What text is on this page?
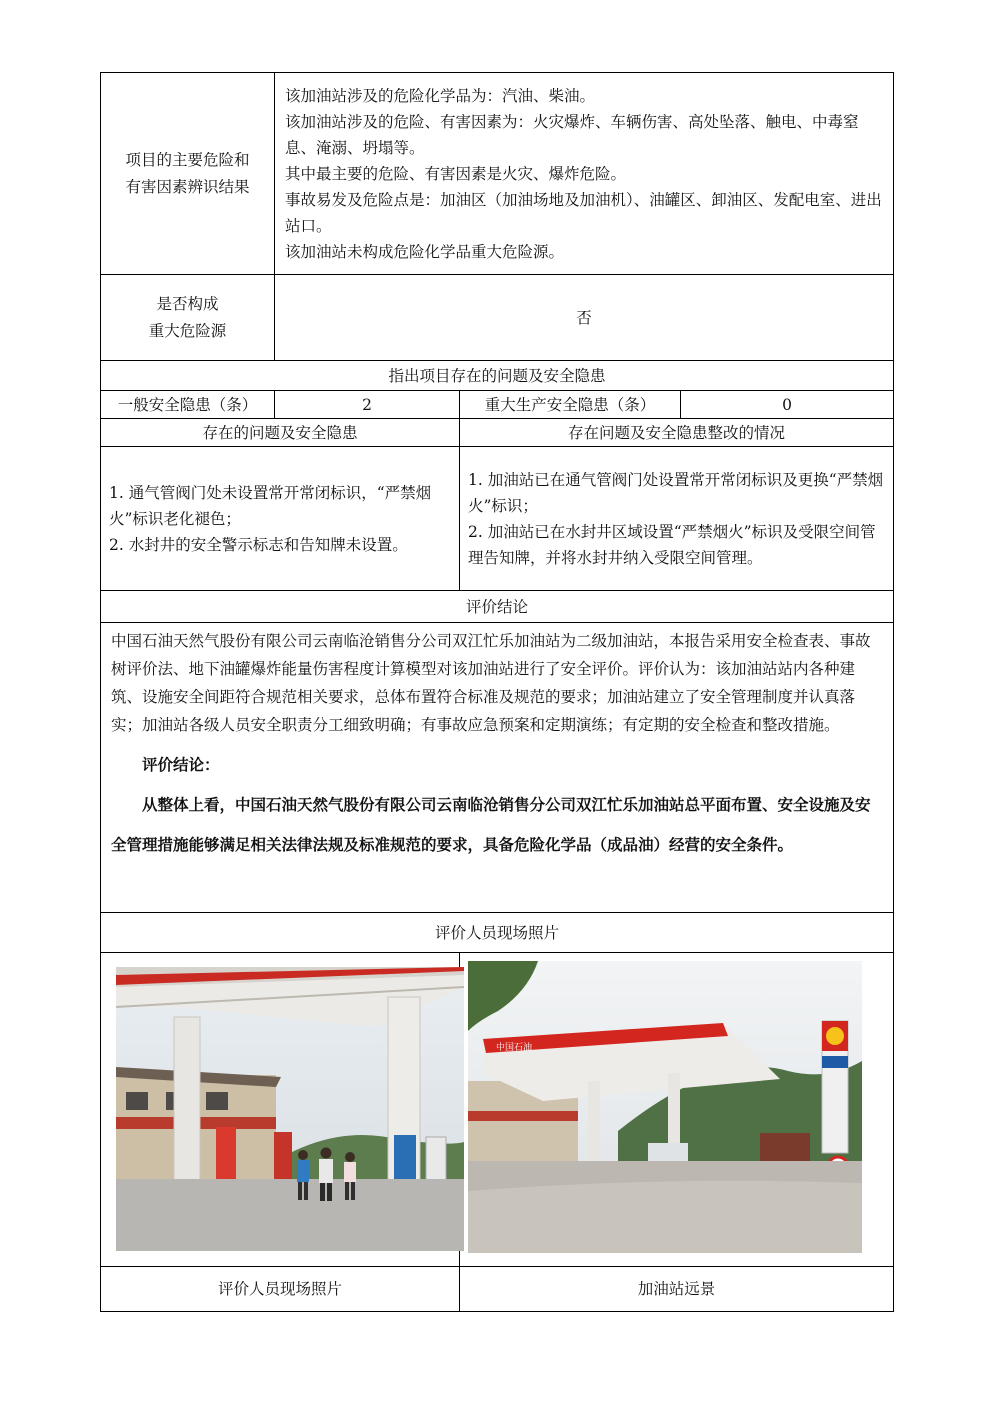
项目的主要危险和
有害因素辨识结果	该加油站涉及的危险化学品为：汽油、柴油。
该加油站涉及的危险、有害因素为：火灾爆炸、车辆伤害、高处坠落、触电、中毒窒息、淹溺、坍塌等。
其中最主要的危险、有害因素是火灾、爆炸危险。
事故易发及危险点是：加油区（加油场地及加油机）、油罐区、卸油区、发配电室、进出站口。
该加油站未构成危险化学品重大危险源。		

是否构成
重大危险源	否		
指出项目存在的问题及安全隐患			
一般安全隐患（条）	2	重大生产安全隐患（条）	0
存在的问题及安全隐患		存在问题及安全隐患整改的情况	

1. 通气管阀门处未设置常开常闭标识，“严禁烟火”标识老化褪色；
2. 水封井的安全警示标志和告知牌未设置。		1. 加油站已在通气管阀门处设置常开常闭标识及更换“严禁烟火”标识；
2. 加油站已在水封井区域设置“严禁烟火”标识及受限空间管理告知牌，并将水封井纳入受限空间管理。	

评价结论			

中国石油天然气股份有限公司云南临沧销售分公司双江忙乐加油站为二级加油站，本报告采用安全检查表、事故树评价法、地下油罐爆炸能量伤害程度计算模型对该加油站进行了安全评价。评价认为：该加油站站内各种建筑、设施安全间距符合规范相关要求，总体布置符合标准及规范的要求；加油站建立了安全管理制度并认真落实；加油站各级人员安全职责分工细致明确；有事故应急预案和定期演练；有定期的安全检查和整改措施。
评价结论：
从整体上看，中国石油天然气股份有限公司云南临沧销售分公司双江忙乐加油站总平面布置、安全设施及安全管理措施能够满足相关法律法规及标准规范的要求，具备危险化学品（成品油）经营的安全条件。			

评价人员现场照片			

中国石油	

评价人员现场照片		加油站远景	
